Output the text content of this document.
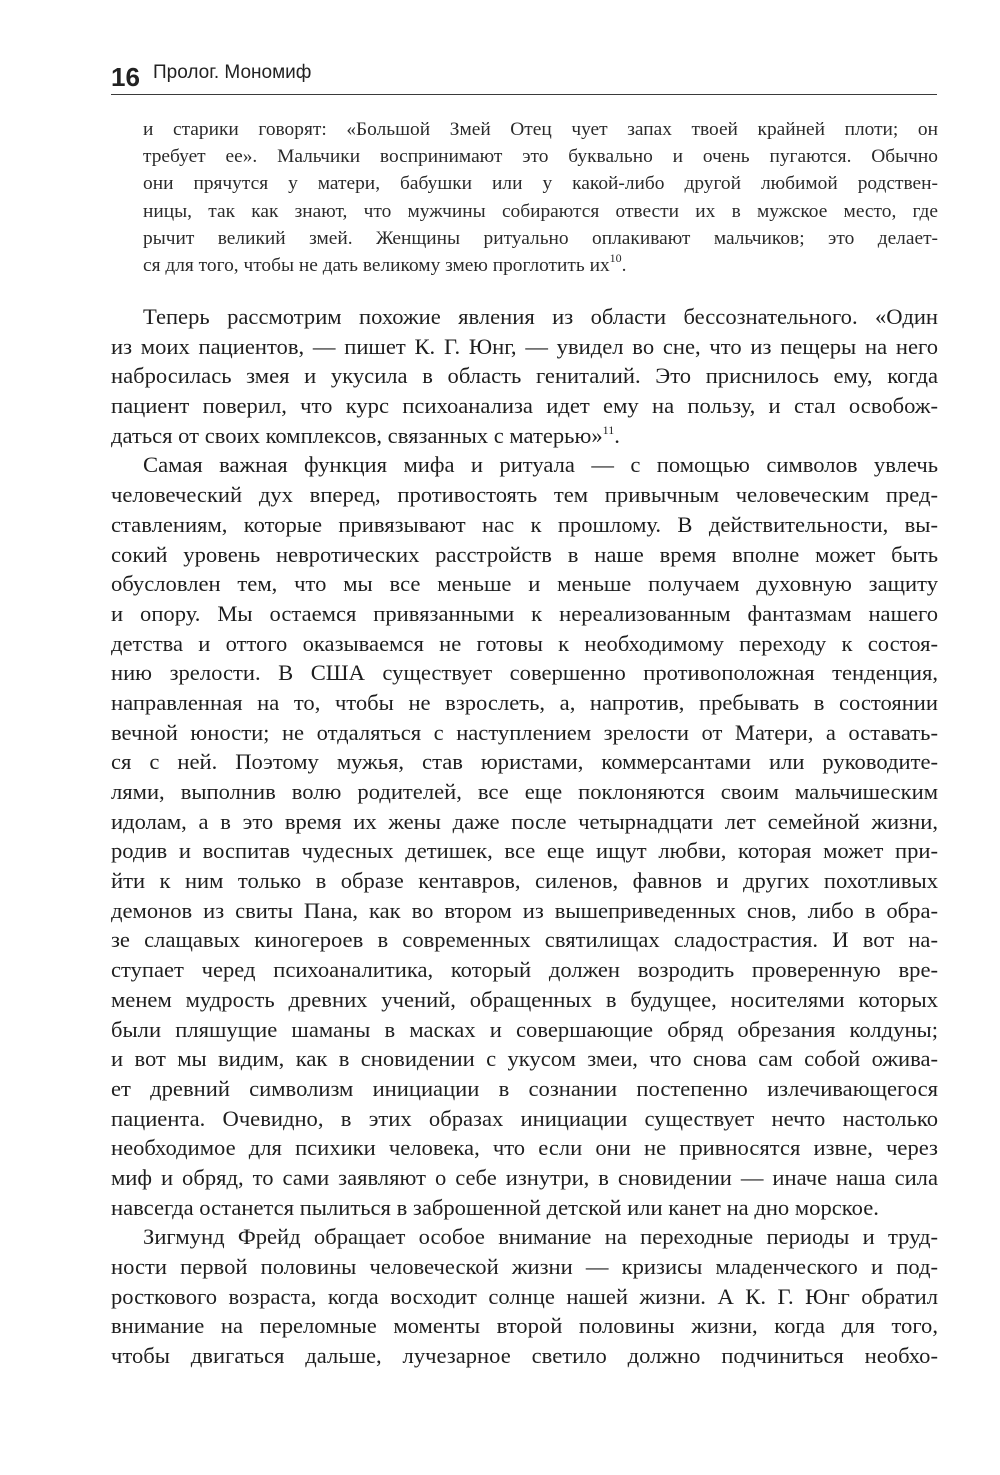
16 Пролог. Мономиф
и старики говорят: «Большой Змей Отец чует запах твоей крайней плоти; он
требует ее». Мальчики воспринимают это буквально и очень пугаются. Обычно
они прячутся у матери, бабушки или у какой-либо другой любимой родствен-
ницы, так как знают, что мужчины собираются отвести их в мужское место, где
рычит великий змей. Женщины ритуально оплакивают мальчиков; это делает-
ся для того, чтобы не дать великому змею проглотить их$^{10}$.
Теперь рассмотрим похожие явления из области бессознательного. «Один
из моих пациентов, — пишет К. Г. Юнг, — увидел во сне, что из пещеры на него
набросилась змея и укусила в область гениталий. Это приснилось ему, когда
пациент поверил, что курс психоанализа идет ему на пользу, и стал освобож-
даться от своих комплексов, связанных с матерью»$^{11}$.
Самая важная функция мифа и ритуала — с помощью символов увлечь
человеческий дух вперед, противостоять тем привычным человеческим пред-
ставлениям, которые привязывают нас к прошлому. В действительности, вы-
сокий уровень невротических расстройств в наше время вполне может быть
обусловлен тем, что мы все меньше и меньше получаем духовную защиту
и опору. Мы остаемся привязанными к нереализованным фантазмам нашего
детства и оттого оказываемся не готовы к необходимому переходу к состоя-
нию зрелости. В США существует совершенно противоположная тенденция,
направленная на то, чтобы не взрослеть, а, напротив, пребывать в состоянии
вечной юности; не отдаляться с наступлением зрелости от Матери, а оставать-
ся с ней. Поэтому мужья, став юристами, коммерсантами или руководите-
лями, выполнив волю родителей, все еще поклоняются своим мальчишеским
идолам, а в это время их жены даже после четырнадцати лет семейной жизни,
родив и воспитав чудесных детишек, все еще ищут любви, которая может при-
йти к ним только в образе кентавров, силенов, фавнов и других похотливых
демонов из свиты Пана, как во втором из вышеприведенных снов, либо в обра-
зе слащавых киногероев в современных святилищах сладострастия. И вот на-
ступает черед психоаналитика, который должен возродить проверенную вре-
менем мудрость древних учений, обращенных в будущее, носителями которых
были пляшущие шаманы в масках и совершающие обряд обрезания колдуны;
и вот мы видим, как в сновидении с укусом змеи, что снова сам собой ожива-
ет древний символизм инициации в сознании постепенно излечивающегося
пациента. Очевидно, в этих образах инициации существует нечто настолько
необходимое для психики человека, что если они не привносятся извне, через
миф и обряд, то сами заявляют о себе изнутри, в сновидении — иначе наша сила
навсегда останется пылиться в заброшенной детской или канет на дно морское.
Зигмунд Фрейд обращает особое внимание на переходные периоды и труд-
ности первой половины человеческой жизни — кризисы младенческого и под-
росткового возраста, когда восходит солнце нашей жизни. А К. Г. Юнг обратил
внимание на переломные моменты второй половины жизни, когда для того,
чтобы двигаться дальше, лучезарное светило должно подчиниться необхо-
